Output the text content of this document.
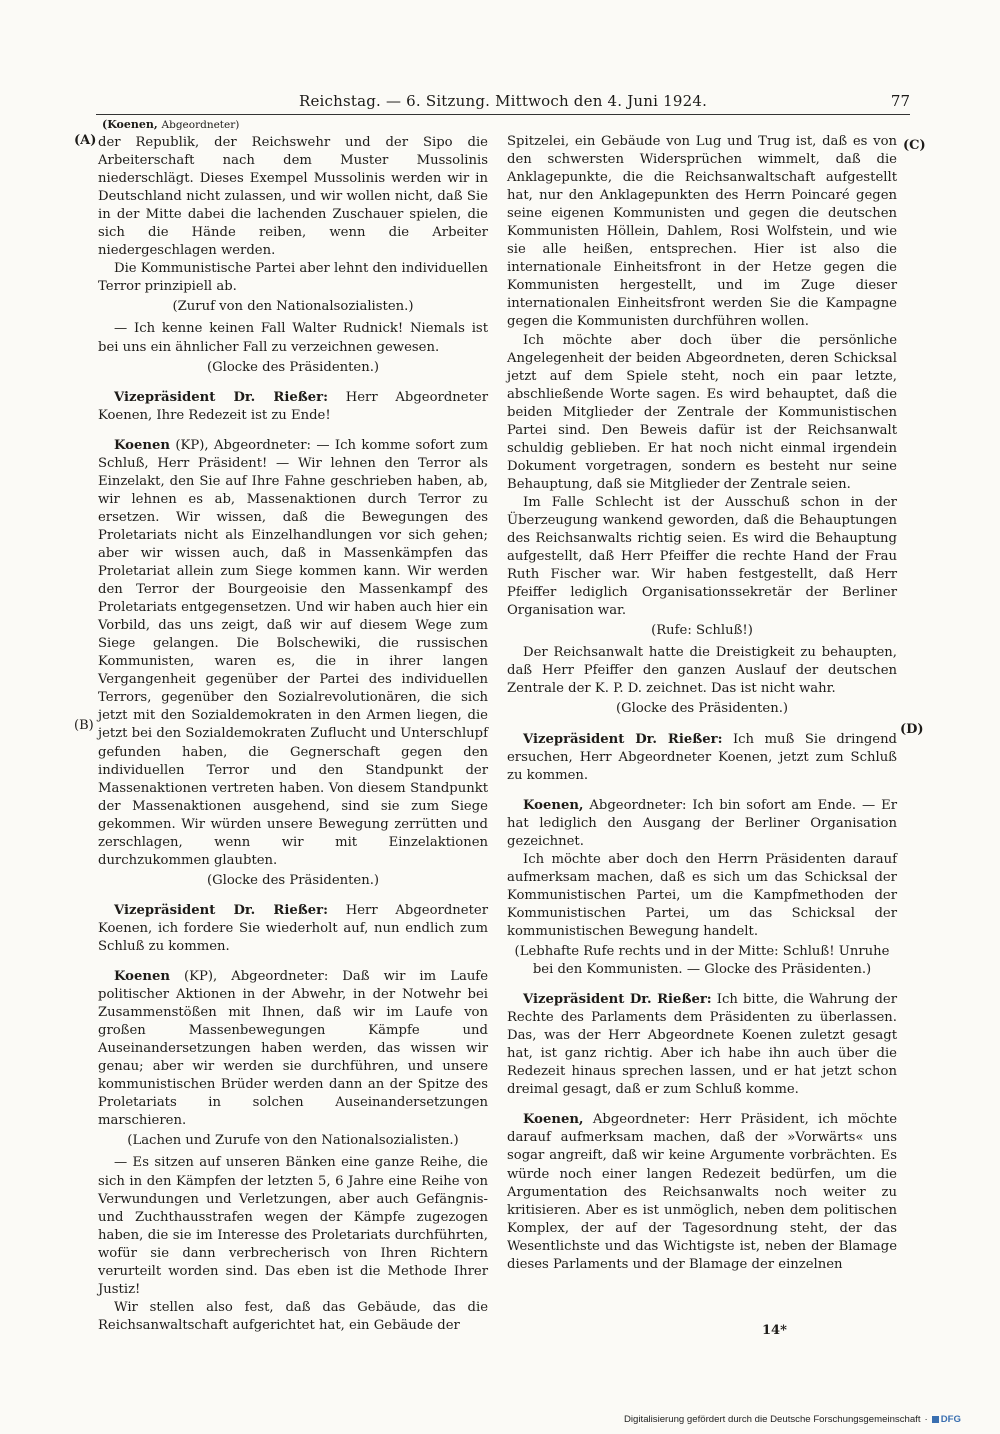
Reichstag. — 6. Sitzung. Mittwoch den 4. Juni 1924.	77
(A)
(B)
(C)
(D)
(Koenen, Abgeordneter)

der Republik, der Reichswehr und der Sipo die Arbeiterschaft nach dem Muster Mussolinis niederschlägt. Dieses Exempel Mussolinis werden wir in Deutschland nicht zulassen, und wir wollen nicht, daß Sie in der Mitte dabei die lachenden Zuschauer spielen, die sich die Hände reiben, wenn die Arbeiter niedergeschlagen werden.

Die Kommunistische Partei aber lehnt den individuellen Terror prinzipiell ab.

(Zuruf von den Nationalsozialisten.)

— Ich kenne keinen Fall Walter Rudnick! Niemals ist bei uns ein ähnlicher Fall zu verzeichnen gewesen.

(Glocke des Präsidenten.)

Vizepräsident Dr. Rießer: Herr Abgeordneter Koenen, Ihre Redezeit ist zu Ende!

Koenen (KP), Abgeordneter: — Ich komme sofort zum Schluß, Herr Präsident! — Wir lehnen den Terror als Einzelakt, den Sie auf Ihre Fahne geschrieben haben, ab, wir lehnen es ab, Massenaktionen durch Terror zu ersetzen. Wir wissen, daß die Bewegungen des Proletariats nicht als Einzelhandlungen vor sich gehen; aber wir wissen auch, daß in Massenkämpfen das Proletariat allein zum Siege kommen kann. Wir werden den Terror der Bourgeoisie den Massenkampf des Proletariats entgegensetzen. Und wir haben auch hier ein Vorbild, das uns zeigt, daß wir auf diesem Wege zum Siege gelangen. Die Bolschewiki, die russischen Kommunisten, waren es, die in ihrer langen Vergangenheit gegenüber der Partei des individuellen Terrors, gegenüber den Sozialrevolutionären, die sich jetzt mit den Sozialdemokraten in den Armen liegen, die jetzt bei den Sozialdemokraten Zuflucht und Unterschlupf gefunden haben, die Gegnerschaft gegen den individuellen Terror und den Standpunkt der Massenaktionen vertreten haben. Von diesem Standpunkt der Massenaktionen ausgehend, sind sie zum Siege gekommen. Wir würden unsere Bewegung zerrütten und zerschlagen, wenn wir mit Einzelaktionen durchzukommen glaubten.

(Glocke des Präsidenten.)

Vizepräsident Dr. Rießer: Herr Abgeordneter Koenen, ich fordere Sie wiederholt auf, nun endlich zum Schluß zu kommen.

Koenen (KP), Abgeordneter: Daß wir im Laufe politischer Aktionen in der Abwehr, in der Notwehr bei Zusammenstößen mit Ihnen, daß wir im Laufe von großen Massenbewegungen Kämpfe und Auseinandersetzungen haben werden, das wissen wir genau; aber wir werden sie durchführen, und unsere kommunistischen Brüder werden dann an der Spitze des Proletariats in solchen Auseinandersetzungen marschieren.

(Lachen und Zurufe von den Nationalsozialisten.)

— Es sitzen auf unseren Bänken eine ganze Reihe, die sich in den Kämpfen der letzten 5, 6 Jahre eine Reihe von Verwundungen und Verletzungen, aber auch Gefängnis- und Zuchthausstrafen wegen der Kämpfe zugezogen haben, die sie im Interesse des Proletariats durchführten, wofür sie dann verbrecherisch von Ihren Richtern verurteilt worden sind. Das eben ist die Methode Ihrer Justiz!

Wir stellen also fest, daß das Gebäude, das die Reichsanwaltschaft aufgerichtet hat, ein Gebäude der

Spitzelei, ein Gebäude von Lug und Trug ist, daß es von den schwersten Widersprüchen wimmelt, daß die Anklagepunkte, die die Reichsanwaltschaft aufgestellt hat, nur den Anklagepunkten des Herrn Poincaré gegen seine eigenen Kommunisten und gegen die deutschen Kommunisten Höllein, Dahlem, Rosi Wolfstein, und wie sie alle heißen, entsprechen. Hier ist also die internationale Einheitsfront in der Hetze gegen die Kommunisten hergestellt, und im Zuge dieser internationalen Einheitsfront werden Sie die Kampagne gegen die Kommunisten durchführen wollen.

Ich möchte aber doch über die persönliche Angelegenheit der beiden Abgeordneten, deren Schicksal jetzt auf dem Spiele steht, noch ein paar letzte, abschließende Worte sagen. Es wird behauptet, daß die beiden Mitglieder der Zentrale der Kommunistischen Partei sind. Den Beweis dafür ist der Reichsanwalt schuldig geblieben. Er hat noch nicht einmal irgendein Dokument vorgetragen, sondern es besteht nur seine Behauptung, daß sie Mitglieder der Zentrale seien.

Im Falle Schlecht ist der Ausschuß schon in der Überzeugung wankend geworden, daß die Behauptungen des Reichsanwalts richtig seien. Es wird die Behauptung aufgestellt, daß Herr Pfeiffer die rechte Hand der Frau Ruth Fischer war. Wir haben festgestellt, daß Herr Pfeiffer lediglich Organisationssekretär der Berliner Organisation war.

(Rufe: Schluß!)

Der Reichsanwalt hatte die Dreistigkeit zu behaupten, daß Herr Pfeiffer den ganzen Auslauf der deutschen Zentrale der K. P. D. zeichnet. Das ist nicht wahr.

(Glocke des Präsidenten.)

Vizepräsident Dr. Rießer: Ich muß Sie dringend ersuchen, Herr Abgeordneter Koenen, jetzt zum Schluß zu kommen.

Koenen, Abgeordneter: Ich bin sofort am Ende. — Er hat lediglich den Ausgang der Berliner Organisation gezeichnet.

Ich möchte aber doch den Herrn Präsidenten darauf aufmerksam machen, daß es sich um das Schicksal der Kommunistischen Partei, um die Kampfmethoden der Kommunistischen Partei, um das Schicksal der kommunistischen Bewegung handelt.

(Lebhafte Rufe rechts und in der Mitte: Schluß! Unruhe bei den Kommunisten. — Glocke des Präsidenten.)

Vizepräsident Dr. Rießer: Ich bitte, die Wahrung der Rechte des Parlaments dem Präsidenten zu überlassen. Das, was der Herr Abgeordnete Koenen zuletzt gesagt hat, ist ganz richtig. Aber ich habe ihn auch über die Redezeit hinaus sprechen lassen, und er hat jetzt schon dreimal gesagt, daß er zum Schluß komme.

Koenen, Abgeordneter: Herr Präsident, ich möchte darauf aufmerksam machen, daß der »Vorwärts« uns sogar angreift, daß wir keine Argumente vorbrächten. Es würde noch einer langen Redezeit bedürfen, um die Argumentation des Reichsanwalts noch weiter zu kritisieren. Aber es ist unmöglich, neben dem politischen Komplex, der auf der Tagesordnung steht, der das Wesentlichste und das Wichtigste ist, neben der Blamage dieses Parlaments und der Blamage der einzelnen

14*
Digitalisierung gefördert durch die Deutsche Forschungsgemeinschaft · DFG
